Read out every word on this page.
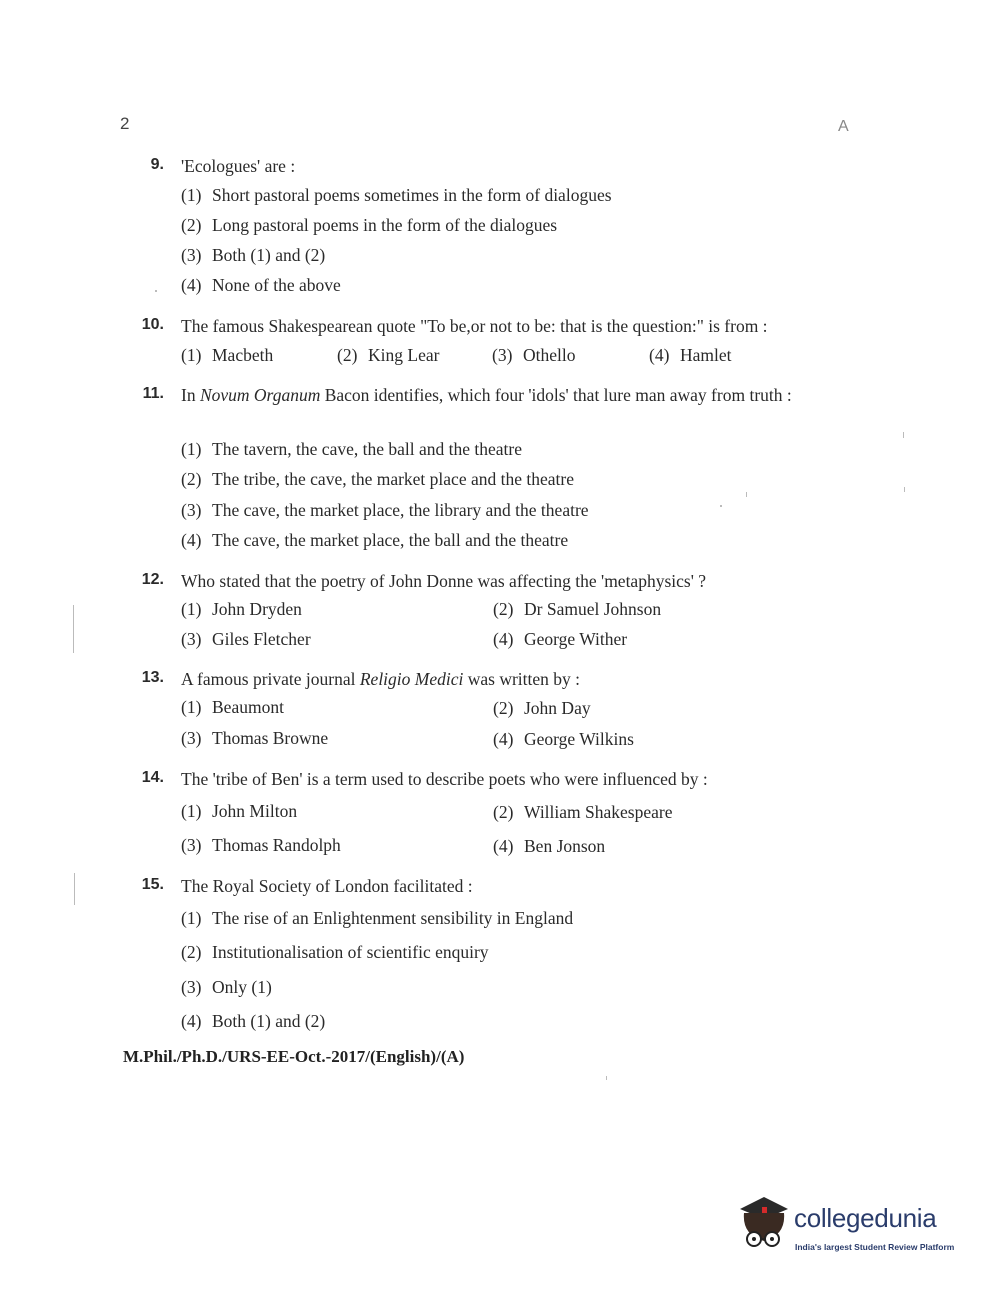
2	A
9. 'Ecologues' are :
(1) Short pastoral poems sometimes in the form of dialogues
(2) Long pastoral poems in the form of the dialogues
(3) Both (1) and (2)
(4) None of the above
10. The famous Shakespearean quote "To be,or not to be: that is the question:" is from :
(1) Macbeth	(2) King Lear	(3) Othello	(4) Hamlet
11. In Novum Organum Bacon identifies, which four 'idols' that lure man away from truth :
(1) The tavern, the cave, the ball and the theatre
(2) The tribe, the cave, the market place and the theatre
(3) The cave, the market place, the library and the theatre
(4) The cave, the market place, the ball and the theatre
12. Who stated that the poetry of John Donne was affecting the 'metaphysics' ?
(1) John Dryden	(2) Dr Samuel Johnson
(3) Giles Fletcher	(4) George Wither
13. A famous private journal Religio Medici was written by :
(1) Beaumont	(2) John Day
(3) Thomas Browne	(4) George Wilkins
14. The 'tribe of Ben' is a term used to describe poets who were influenced by :
(1) John Milton	(2) William Shakespeare
(3) Thomas Randolph	(4) Ben Jonson
15. The Royal Society of London facilitated :
(1) The rise of an Enlightenment sensibility in England
(2) Institutionalisation of scientific enquiry
(3) Only (1)
(4) Both (1) and (2)
M.Phil./Ph.D./URS-EE-Oct.-2017/(English)/(A)
collegedunia
India's largest Student Review Platform
